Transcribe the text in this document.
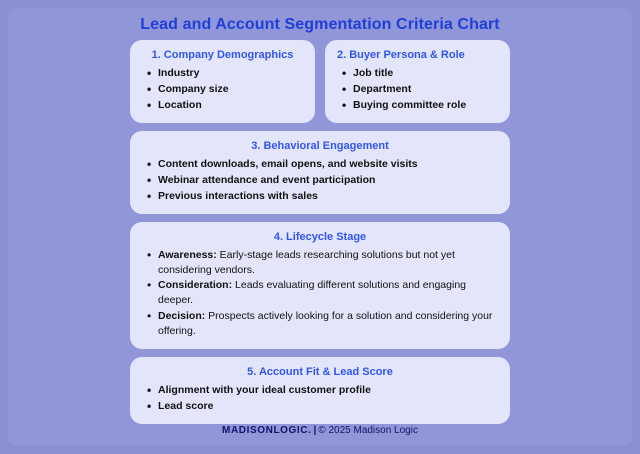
Lead and Account Segmentation Criteria Chart
1. Company Demographics
• Industry
• Company size
• Location
2. Buyer Persona & Role
• Job title
• Department
• Buying committee role
3. Behavioral Engagement
• Content downloads, email opens, and website visits
• Webinar attendance and event participation
• Previous interactions with sales
4. Lifecycle Stage
• Awareness: Early-stage leads researching solutions but not yet considering vendors.
• Consideration: Leads evaluating different solutions and engaging deeper.
• Decision: Prospects actively looking for a solution and considering your offering.
5. Account Fit & Lead Score
• Alignment with your ideal customer profile
• Lead score
MADISONLOGIC. | © 2025 Madison Logic
